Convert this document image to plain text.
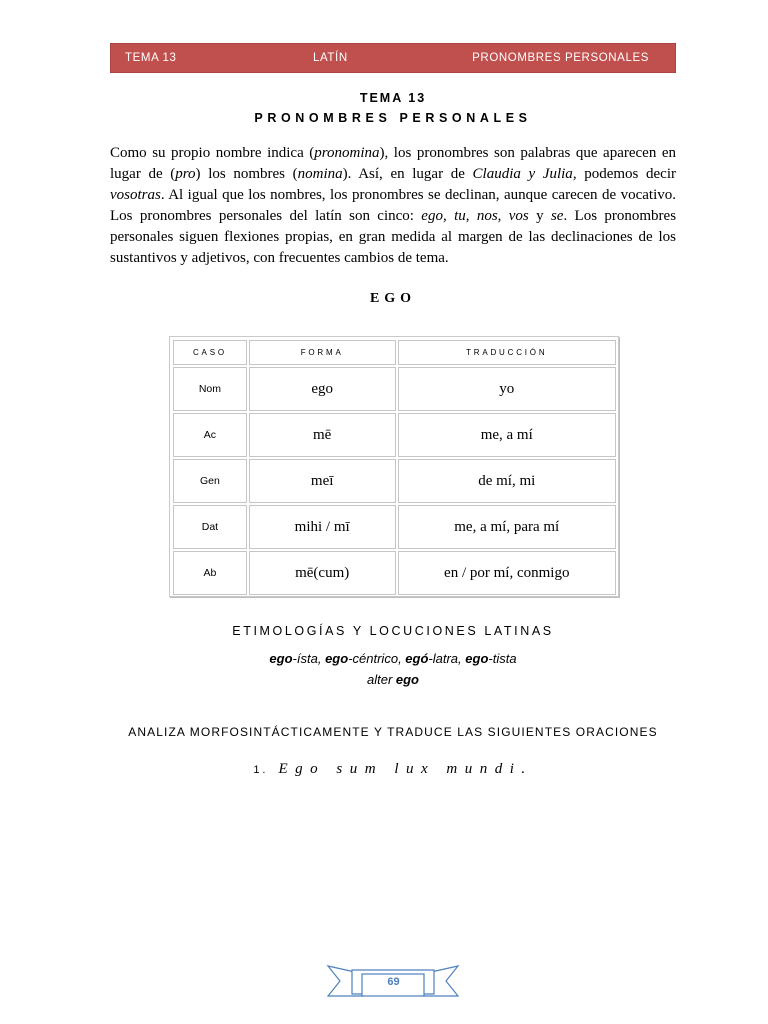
TEMA 13	LATÍN	PRONOMBRES PERSONALES
TEMA 13
PRONOMBRES PERSONALES

Como su propio nombre indica (pronomina), los pronombres son palabras que aparecen en lugar de (pro) los nombres (nomina). Así, en lugar de Claudia y Julia, podemos decir vosotras. Al igual que los nombres, los pronombres se declinan, aunque carecen de vocativo. Los pronombres personales del latín son cinco: ego, tu, nos, vos y se. Los pronombres personales siguen flexiones propias, en gran medida al margen de las declinaciones de los sustantivos y adjetivos, con frecuentes cambios de tema.

EGO
CASO	FORMA	TRADUCCIÓN
Nom	ego	yo
Ac	mē	me, a mí
Gen	meī	de mí, mi
Dat	mihi / mī	me, a mí, para mí
Ab	mē(cum)	en / por mí, conmigo
ETIMOLOGÍAS Y LOCUCIONES LATINAS
ego-ísta, ego-céntrico, egó-latra, ego-tista
alter ego
ANALIZA MORFOSINTÁCTICAMENTE Y TRADUCE LAS SIGUIENTES ORACIONES
1. Ego sum lux mundi.
69
